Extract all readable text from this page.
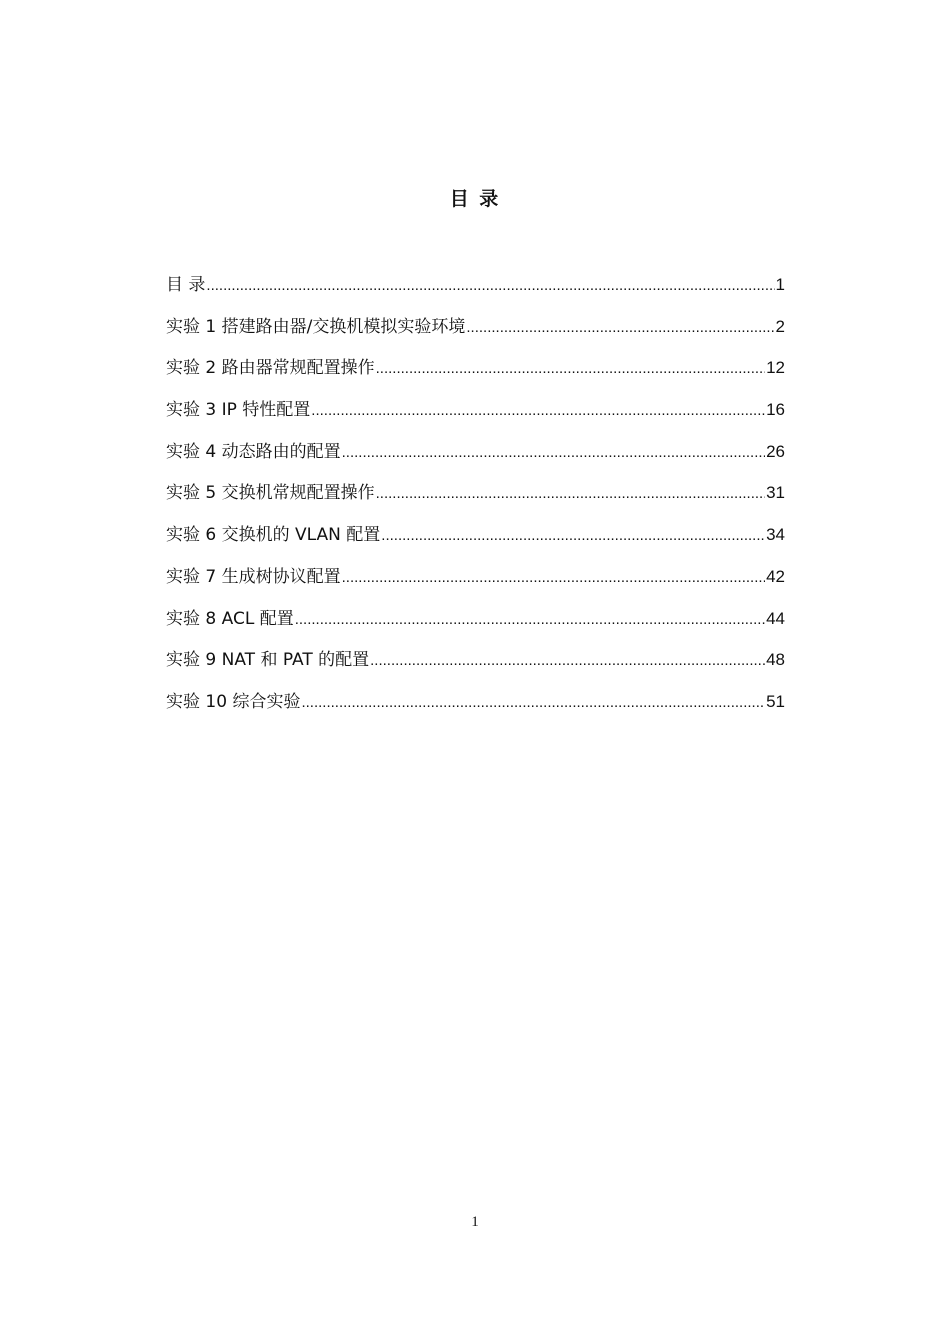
目 录
目 录 .....	1
实验 1 搭建路由器/交换机模拟实验环境 .....	2
实验 2 路由器常规配置操作 .....	12
实验 3 IP 特性配置 .....	16
实验 4 动态路由的配置 .....	26
实验 5 交换机常规配置操作 .....	31
实验 6 交换机的 VLAN 配置 .....	34
实验 7 生成树协议配置 .....	42
实验 8 ACL 配置 .....	44
实验 9 NAT 和 PAT 的配置 .....	48
实验 10 综合实验 .....	51
1
